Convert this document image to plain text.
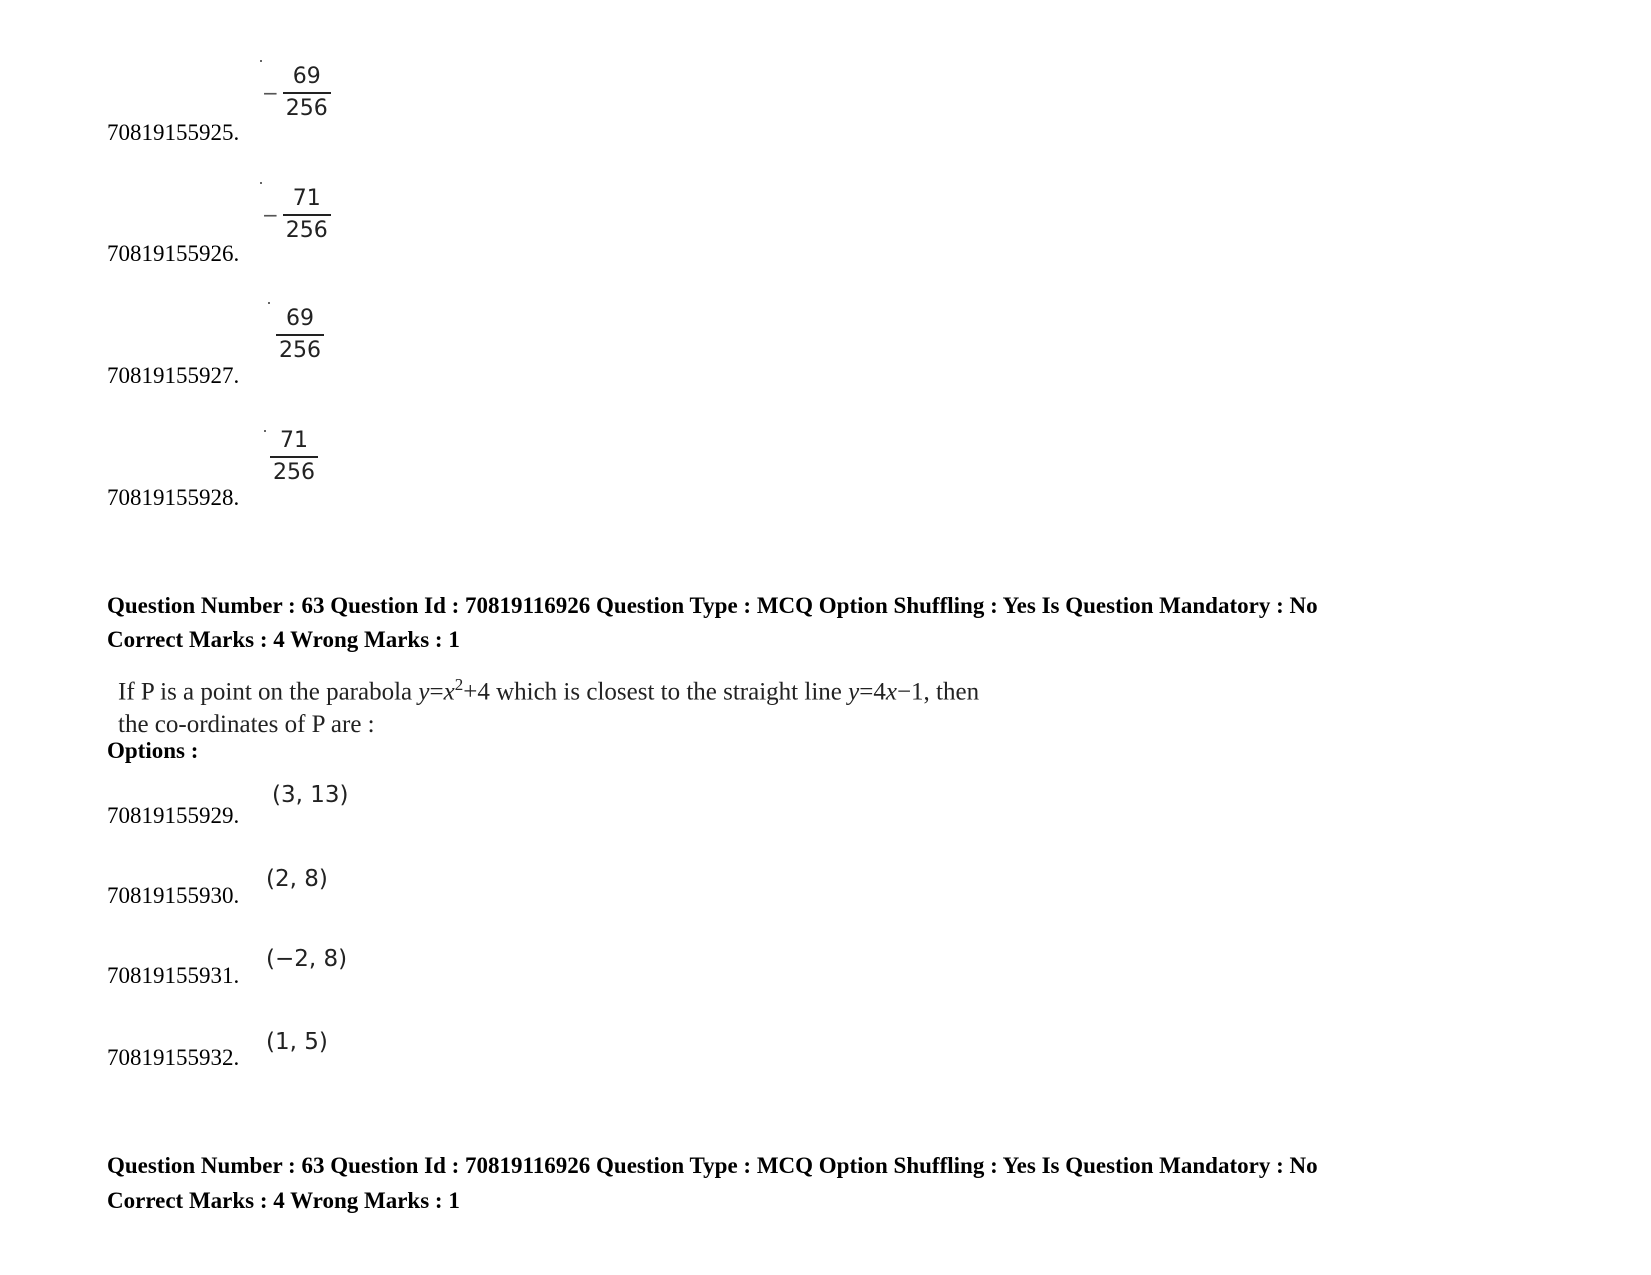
− $\frac{69}{256}$
70819155925.
− $\frac{71}{256}$
70819155926.
$\frac{69}{256}$
70819155927.
$\frac{71}{256}$
70819155928.
Question Number : 63 Question Id : 70819116926 Question Type : MCQ Option Shuffling : Yes Is Question Mandatory : No
Correct Marks : 4 Wrong Marks : 1
If P is a point on the parabola $y=x^2+4$ which is closest to the straight line y=4x−1, then
the co-ordinates of P are :
Options :
(3, 13)
70819155929.
(2, 8)
70819155930.
(−2, 8)
70819155931.
(1, 5)
70819155932.
Question Number : 63 Question Id : 70819116926 Question Type : MCQ Option Shuffling : Yes Is Question Mandatory : No
Correct Marks : 4 Wrong Marks : 1
